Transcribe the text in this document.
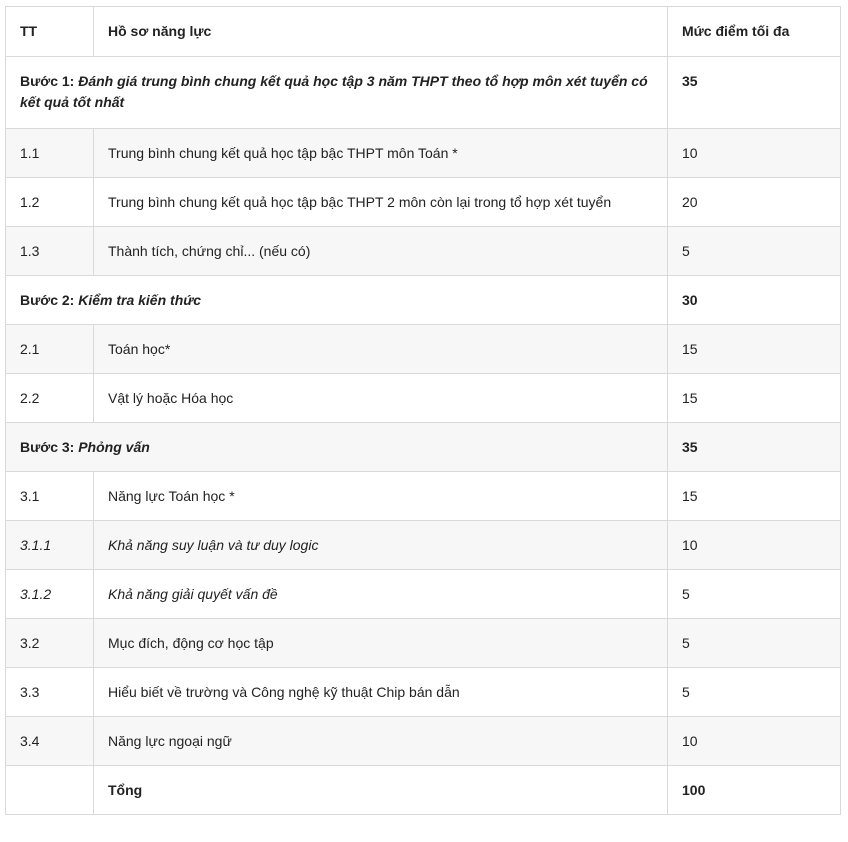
TT	Hồ sơ năng lực	Mức điểm tối đa
Bước 1: Đánh giá trung bình chung kết quả học tập 3 năm THPT theo tổ hợp môn xét tuyển có kết quả tốt nhất		35
1.1	Trung bình chung kết quả học tập bậc THPT môn Toán *	10
1.2	Trung bình chung kết quả học tập bậc THPT 2 môn còn lại trong tổ hợp xét tuyển	20
1.3	Thành tích, chứng chỉ... (nếu có)	5
Bước 2: Kiểm tra kiến thức		30
2.1	Toán học*	15
2.2	Vật lý hoặc Hóa học	15
Bước 3: Phỏng vấn		35
3.1	Năng lực Toán học *	15
3.1.1	Khả năng suy luận và tư duy logic	10
3.1.2	Khả năng giải quyết vấn đề	5
3.2	Mục đích, động cơ học tập	5
3.3	Hiểu biết về trường và Công nghệ kỹ thuật Chip bán dẫn	5
3.4	Năng lực ngoại ngữ	10
	Tổng	100
